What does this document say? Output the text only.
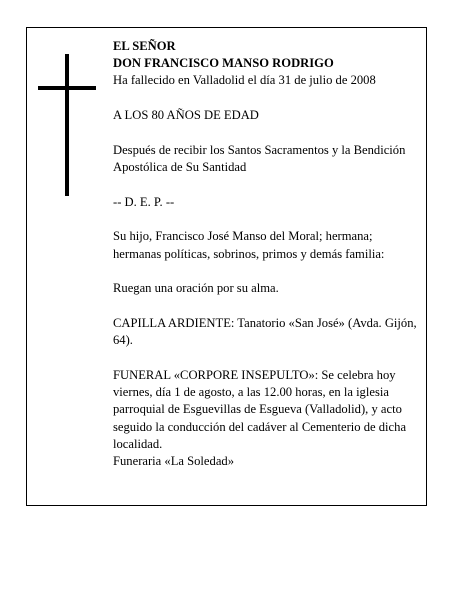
EL SEÑOR

DON FRANCISCO MANSO RODRIGO

Ha fallecido en Valladolid el día 31 de julio de 2008

A LOS 80 AÑOS DE EDAD

Después de recibir los Santos Sacramentos y la Bendición Apostólica de Su Santidad

-- D. E. P. --

Su hijo, Francisco José Manso del Moral; hermana; hermanas políticas, sobrinos, primos y demás familia:

Ruegan una oración por su alma.

CAPILLA ARDIENTE: Tanatorio «San José» (Avda. Gijón, 64).

FUNERAL «CORPORE INSEPULTO»: Se celebra hoy viernes, día 1 de agosto, a las 12.00 horas, en la iglesia parroquial de Esguevillas de Esgueva (Valladolid), y acto seguido la conducción del cadáver al Cementerio de dicha localidad.

Funeraria «La Soledad»
